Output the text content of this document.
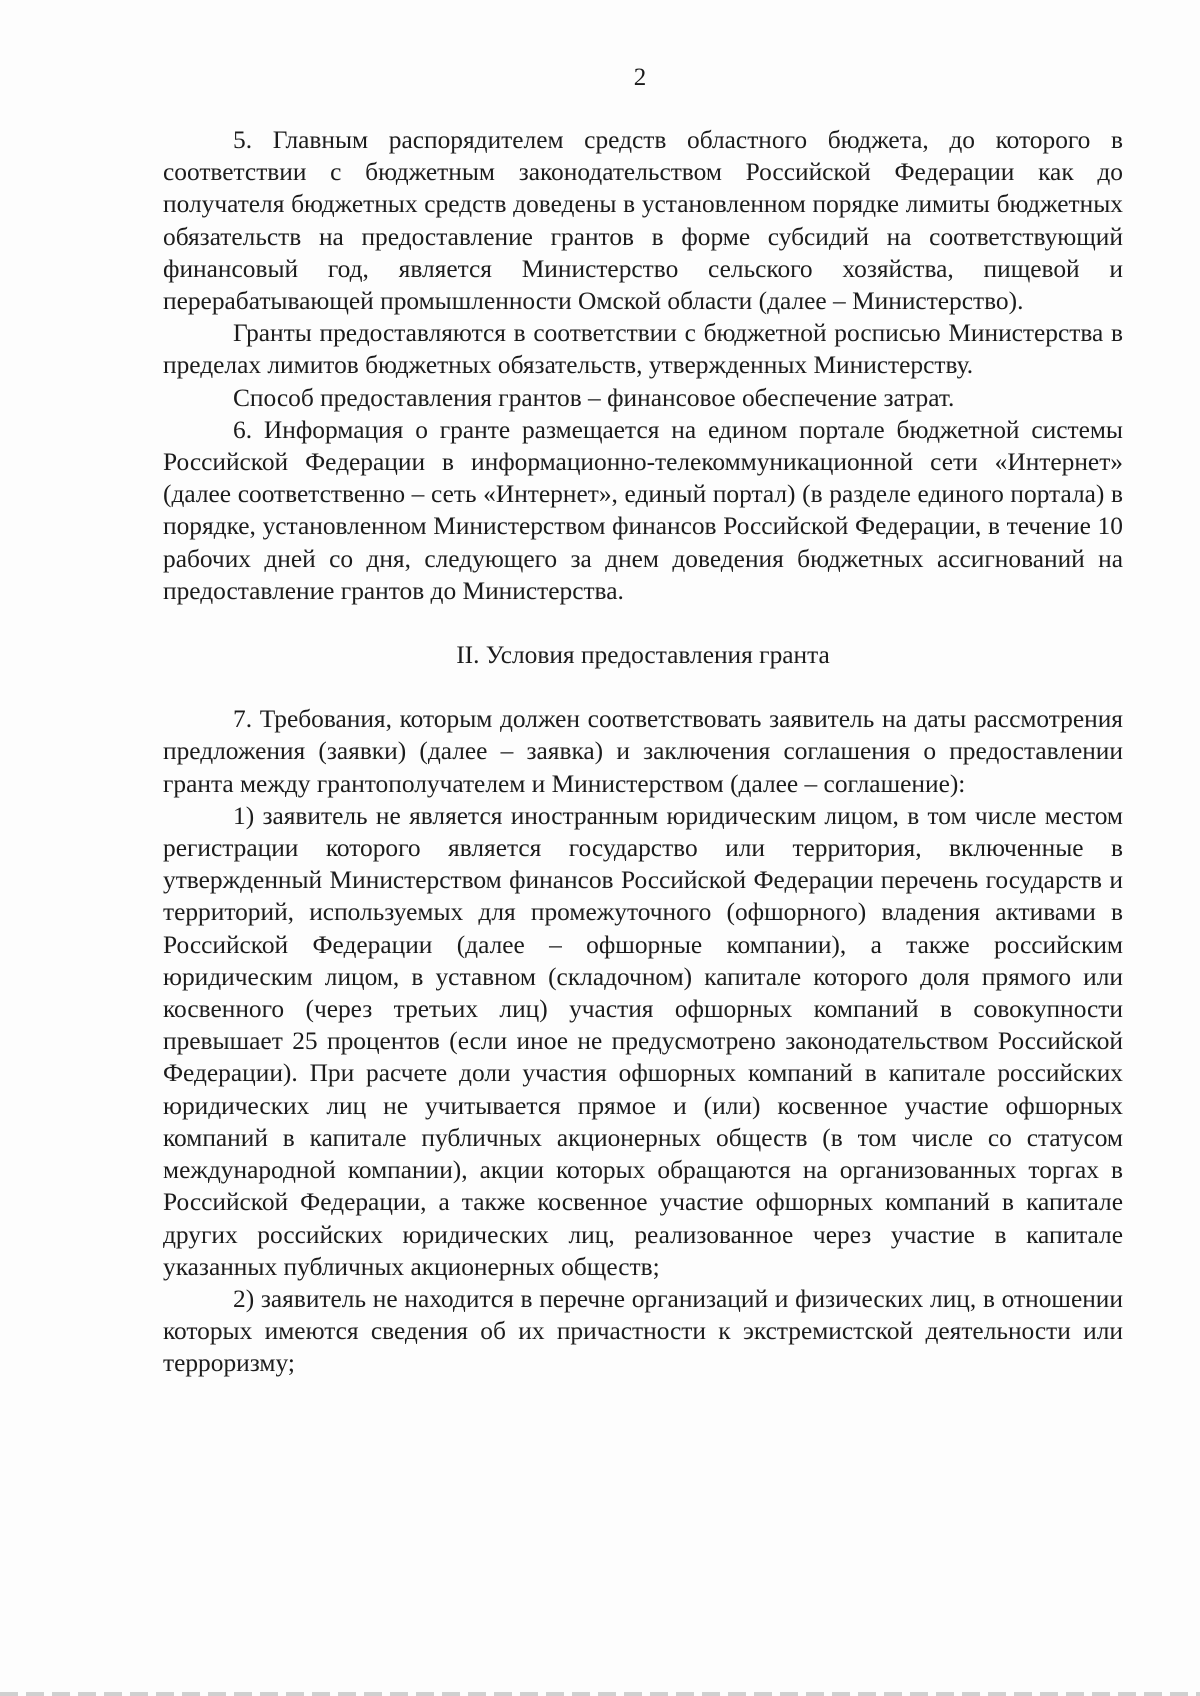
2

5. Главным распорядителем средств областного бюджета, до которого в соответствии с бюджетным законодательством Российской Федерации как до получателя бюджетных средств доведены в установленном порядке лимиты бюджетных обязательств на предоставление грантов в форме субсидий на соответствующий финансовый год, является Министерство сельского хозяйства, пищевой и перерабатывающей промышленности Омской области (далее – Министерство).

Гранты предоставляются в соответствии с бюджетной росписью Министерства в пределах лимитов бюджетных обязательств, утвержденных Министерству.

Способ предоставления грантов – финансовое обеспечение затрат.

6. Информация о гранте размещается на едином портале бюджетной системы Российской Федерации в информационно-телекоммуникационной сети «Интернет» (далее соответственно – сеть «Интернет», единый портал) (в разделе единого портала) в порядке, установленном Министерством финансов Российской Федерации, в течение 10 рабочих дней со дня, следующего за днем доведения бюджетных ассигнований на предоставление грантов до Министерства.

II. Условия предоставления гранта

7. Требования, которым должен соответствовать заявитель на даты рассмотрения предложения (заявки) (далее – заявка) и заключения соглашения о предоставлении гранта между грантополучателем и Министерством (далее – соглашение):

1) заявитель не является иностранным юридическим лицом, в том числе местом регистрации которого является государство или территория, включенные в утвержденный Министерством финансов Российской Федерации перечень государств и территорий, используемых для промежуточного (офшорного) владения активами в Российской Федерации (далее – офшорные компании), а также российским юридическим лицом, в уставном (складочном) капитале которого доля прямого или косвенного (через третьих лиц) участия офшорных компаний в совокупности превышает 25 процентов (если иное не предусмотрено законодательством Российской Федерации). При расчете доли участия офшорных компаний в капитале российских юридических лиц не учитывается прямое и (или) косвенное участие офшорных компаний в капитале публичных акционерных обществ (в том числе со статусом международной компании), акции которых обращаются на организованных торгах в Российской Федерации, а также косвенное участие офшорных компаний в капитале других российских юридических лиц, реализованное через участие в капитале указанных публичных акционерных обществ;

2) заявитель не находится в перечне организаций и физических лиц, в отношении которых имеются сведения об их причастности к экстремистской деятельности или терроризму;
